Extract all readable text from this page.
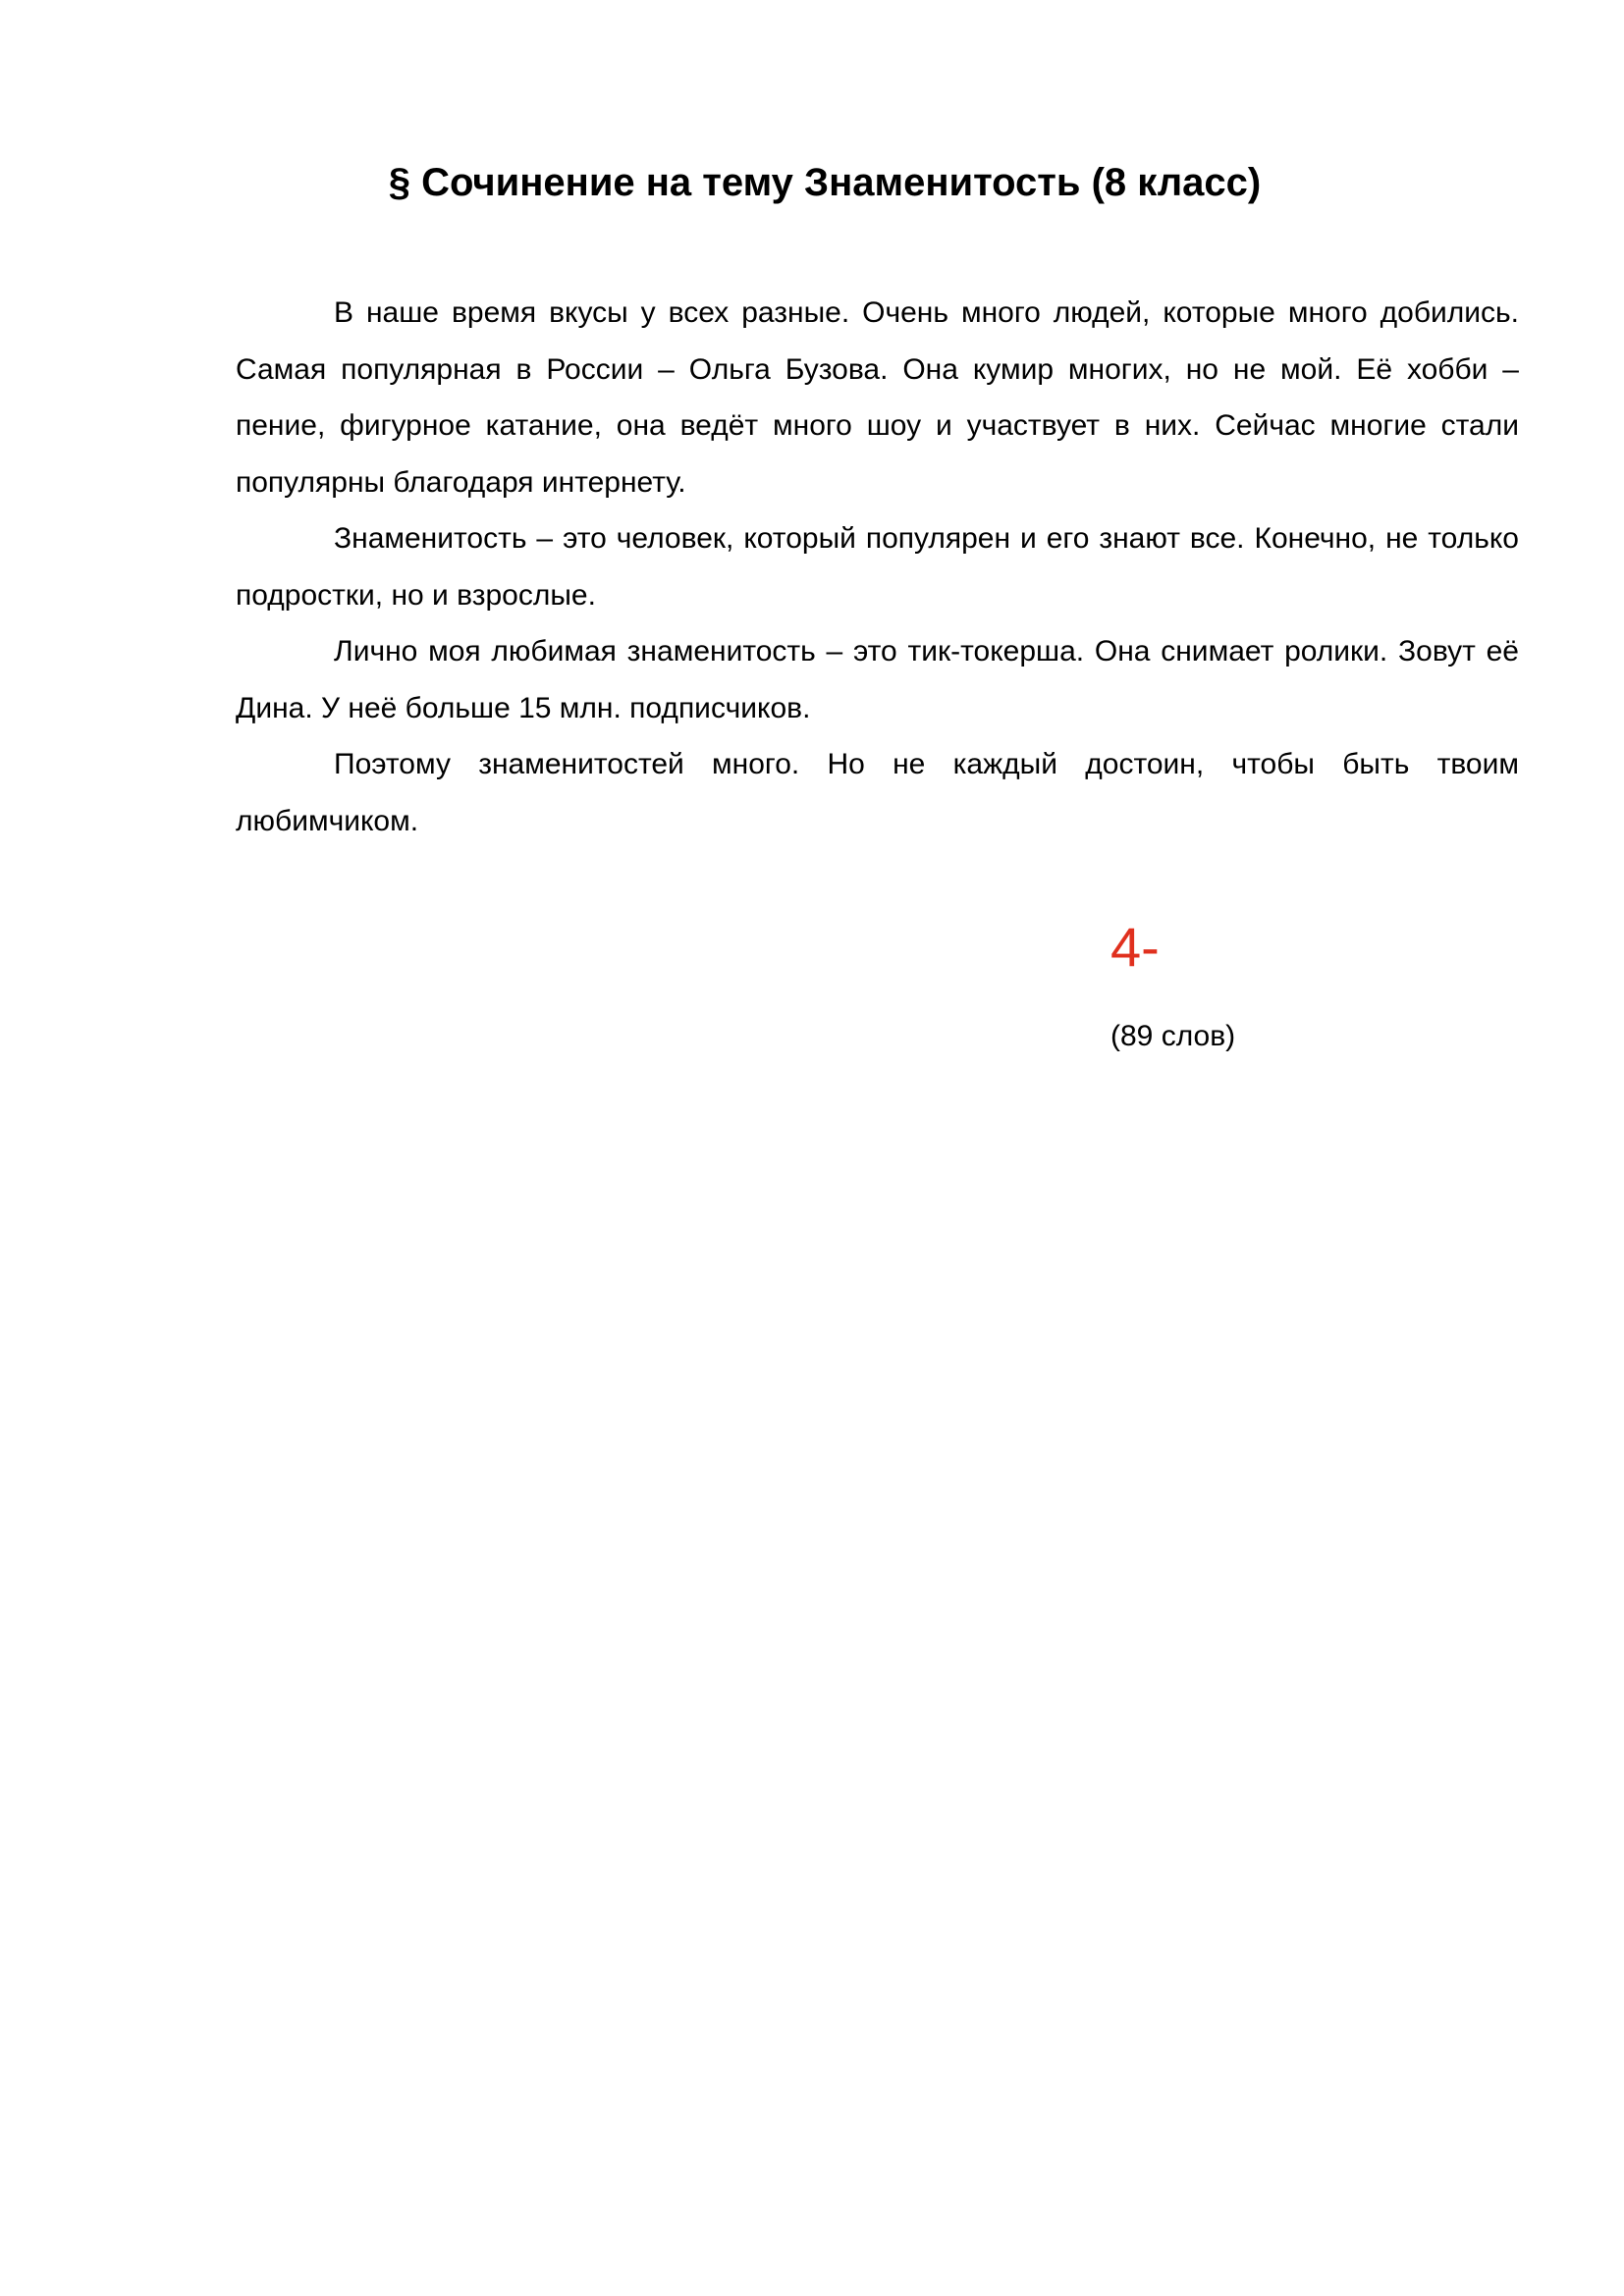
§ Сочинение на тему Знаменитость (8 класс)

В наше время вкусы у всех разные. Очень много людей, которые много добились. Самая популярная в России – Ольга Бузова. Она кумир многих, но не мой. Её хобби – пение, фигурное катание, она ведёт много шоу и участвует в них. Сейчас многие стали популярны благодаря интернету.

Знаменитость – это человек, который популярен и его знают все. Конечно, не только подростки, но и взрослые.

Лично моя любимая знаменитость – это тик-токерша. Она снимает ролики. Зовут её Дина. У неё больше 15 млн. подписчиков.

Поэтому знаменитостей много. Но не каждый достоин, чтобы быть твоим любимчиком.

4-
(89 слов)
